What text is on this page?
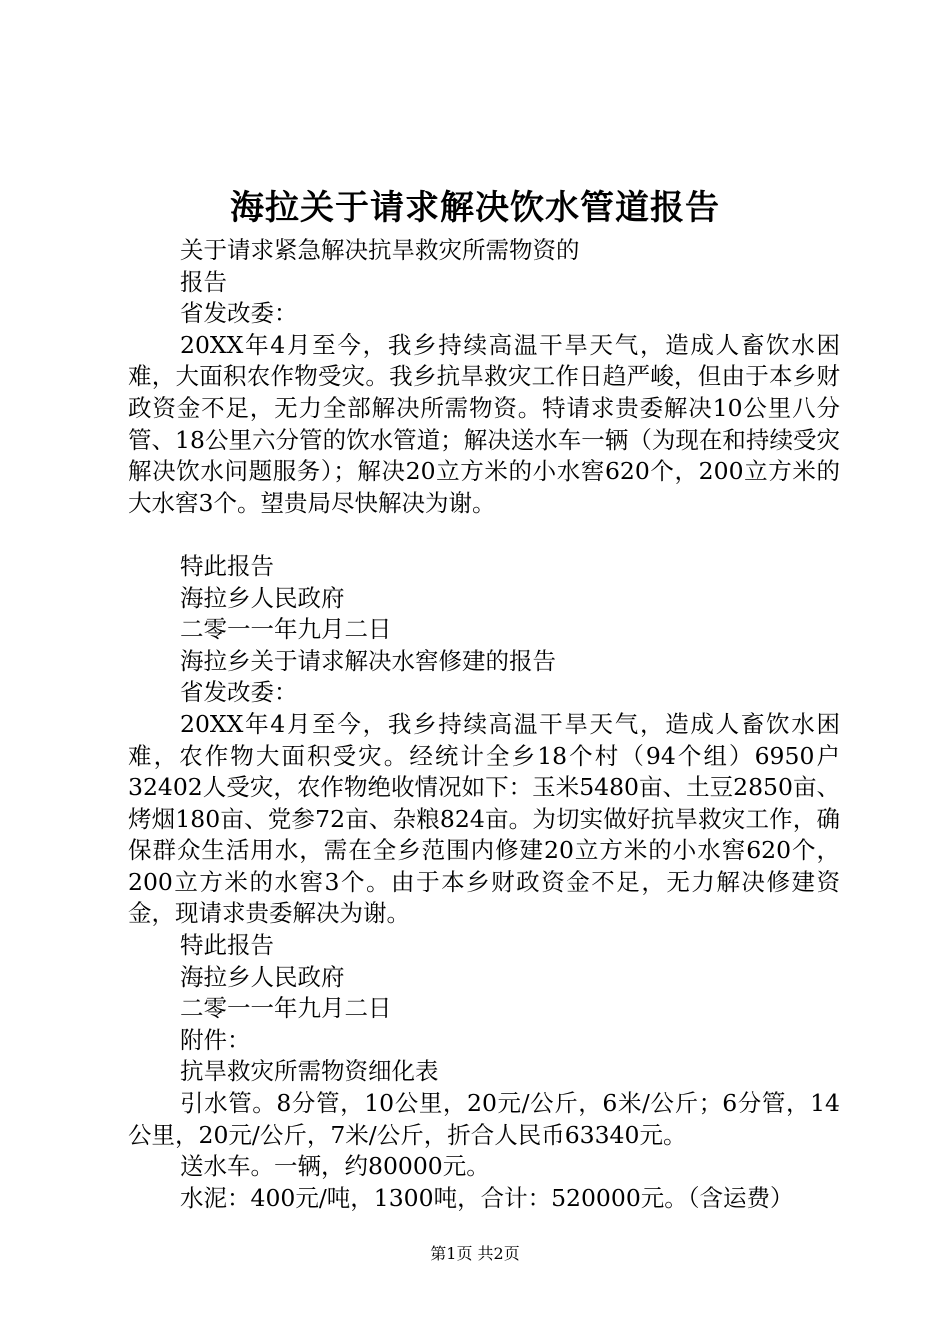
海拉关于请求解决饮水管道报告

关于请求紧急解决抗旱救灾所需物资的

报告

省发改委：

20XX年4月至今，我乡持续高温干旱天气，造成人畜饮水困难，大面积农作物受灾。我乡抗旱救灾工作日趋严峻，但由于本乡财政资金不足，无力全部解决所需物资。特请求贵委解决10公里八分管、18公里六分管的饮水管道；解决送水车一辆（为现在和持续受灾解决饮水问题服务）；解决20立方米的小水窖620个，200立方米的大水窖3个。望贵局尽快解决为谢。

特此报告

海拉乡人民政府

二零一一年九月二日

海拉乡关于请求解决水窖修建的报告

省发改委：

20XX年4月至今，我乡持续高温干旱天气，造成人畜饮水困难，农作物大面积受灾。经统计全乡18个村（94个组）6950户32402人受灾，农作物绝收情况如下：玉米5480亩、土豆2850亩、烤烟180亩、党参72亩、杂粮824亩。为切实做好抗旱救灾工作，确保群众生活用水，需在全乡范围内修建20立方米的小水窖620个，200立方米的水窖3个。由于本乡财政资金不足，无力解决修建资金，现请求贵委解决为谢。

特此报告

海拉乡人民政府

二零一一年九月二日

附件：

抗旱救灾所需物资细化表

引水管。8分管，10公里，20元/公斤，6米/公斤；6分管，14公里，20元/公斤，7米/公斤，折合人民币63340元。

送水车。一辆，约80000元。

水泥：400元/吨，1300吨，合计：520000元。（含运费）

第1页 共2页
